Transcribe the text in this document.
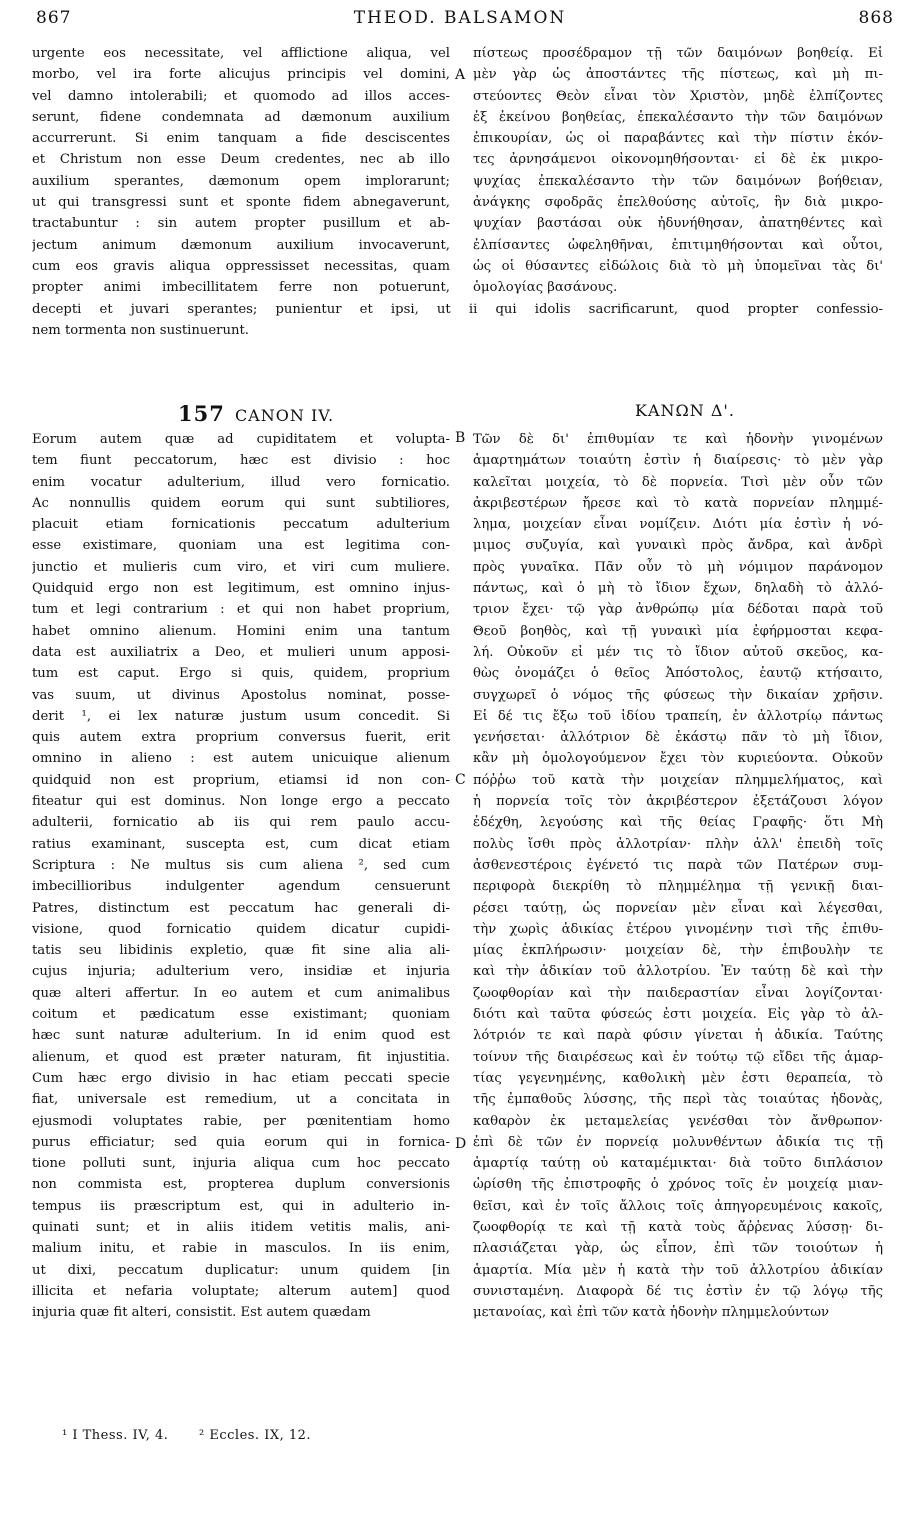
867	THEOD. BALSAMON	868
urgente eos necessitate, vel afflictione aliqua, vel
morbo, vel ira forte alicujus principis vel domini,
vel damno intolerabili; et quomodo ad illos acces-
serunt, fidene condemnata ad dæmonum auxilium
accurrerunt. Si enim tanquam a fide desciscentes
et Christum non esse Deum credentes, nec ab illo
auxilium sperantes, dæmonum opem implorarunt;
ut qui transgressi sunt et sponte fidem abnegaverunt,
tractabuntur : sin autem propter pusillum et ab-
jectum animum dæmonum auxilium invocaverunt,
cum eos gravis aliqua oppressisset necessitas, quam
propter animi imbecillitatem ferre non potuerunt,
decepti et juvari sperantes; punientur et ipsi, ut ii qui idolis sacrificarunt, quod propter confessio-
nem tormenta non sustinuerunt.
πίστεως προσέδραμον τῇ τῶν δαιμόνων βοηθείᾳ. Εἰ
μὲν γὰρ ὡς ἀποστάντες τῆς πίστεως, καὶ μὴ πι-
στεύοντες Θεὸν εἶναι τὸν Χριστὸν, μηδὲ ἐλπίζοντες
ἐξ ἐκείνου βοηθείας, ἐπεκαλέσαντο τὴν τῶν δαιμόνων
ἐπικουρίαν, ὡς οἱ παραβάντες καὶ τὴν πίστιν ἑκόν-
τες ἀρνησάμενοι οἰκονομηθήσονται· εἰ δὲ ἐκ μικρο-
ψυχίας ἐπεκαλέσαντο τὴν τῶν δαιμόνων βοήθειαν,
ἀνάγκης σφοδρᾶς ἐπελθούσης αὐτοῖς, ἣν διὰ μικρο-
ψυχίαν βαστάσαι οὐκ ἠδυνήθησαν, ἀπατηθέντες καὶ
ἐλπίσαντες ὠφεληθῆναι, ἐπιτιμηθήσονται καὶ οὗτοι,
ὡς οἱ θύσαντες εἰδώλοις διὰ τὸ μὴ ὑπομεῖναι τὰς δι'
ὁμολογίας βασάνους.
A
157 CANON IV.	ΚΑΝΩΝ Δ'.
B
C
D
Eorum autem quæ ad cupiditatem et volupta-
tem fiunt peccatorum, hæc est divisio : hoc
enim vocatur adulterium, illud vero fornicatio.
Ac nonnullis quidem eorum qui sunt subtiliores,
placuit etiam fornicationis peccatum adulterium
esse existimare, quoniam una est legitima con-
junctio et mulieris cum viro, et viri cum muliere.
Quidquid ergo non est legitimum, est omnino injus-
tum et legi contrarium : et qui non habet proprium,
habet omnino alienum. Homini enim una tantum
data est auxiliatrix a Deo, et mulieri unum apposi-
tum est caput. Ergo si quis, quidem, proprium
vas suum, ut divinus Apostolus nominat, posse-
derit ¹, ei lex naturæ justum usum concedit. Si
quis autem extra proprium conversus fuerit, erit
omnino in alieno : est autem unicuique alienum
quidquid non est proprium, etiamsi id non con-
fiteatur qui est dominus. Non longe ergo a peccato
adulterii, fornicatio ab iis qui rem paulo accu-
ratius examinant, suscepta est, cum dicat etiam
Scriptura : Ne multus sis cum aliena ², sed cum
imbecillioribus indulgenter agendum censuerunt
Patres, distinctum est peccatum hac generali di-
visione, quod fornicatio quidem dicatur cupidi-
tatis seu libidinis expletio, quæ fit sine alia ali-
cujus injuria; adulterium vero, insidiæ et injuria
quæ alteri affertur. In eo autem et cum animalibus
coitum et pædicatum esse existimant; quoniam
hæc sunt naturæ adulterium. In id enim quod est
alienum, et quod est præter naturam, fit injustitia.
Cum hæc ergo divisio in hac etiam peccati specie
fiat, universale est remedium, ut a concitata in
ejusmodi voluptates rabie, per pœnitentiam homo
purus efficiatur; sed quia eorum qui in fornica-
tione polluti sunt, injuria aliqua cum hoc peccato
non commista est, propterea duplum conversionis
tempus iis præscriptum est, qui in adulterio in-
quinati sunt; et in aliis itidem vetitis malis, ani-
malium initu, et rabie in masculos. In iis enim,
ut dixi, peccatum duplicatur: unum quidem [in
illicita et nefaria voluptate; alterum autem] quod
injuria quæ fit alteri, consistit. Est autem quædam
Τῶν δὲ δι' ἐπιθυμίαν τε καὶ ἡδονὴν γινομένων
ἁμαρτημάτων τοιαύτη ἐστὶν ἡ διαίρεσις· τὸ μὲν γὰρ
καλεῖται μοιχεία, τὸ δὲ πορνεία. Τισὶ μὲν οὖν τῶν
ἀκριβεστέρων ἤρεσε καὶ τὸ κατὰ πορνείαν πλημμέ-
λημα, μοιχείαν εἶναι νομίζειν. Διότι μία ἐστὶν ἡ νό-
μιμος συζυγία, καὶ γυναικὶ πρὸς ἄνδρα, καὶ ἀνδρὶ
πρὸς γυναῖκα. Πᾶν οὖν τὸ μὴ νόμιμον παράνομον
πάντως, καὶ ὁ μὴ τὸ ἴδιον ἔχων, δηλαδὴ τὸ ἀλλό-
τριον ἔχει· τῷ γὰρ ἀνθρώπῳ μία δέδοται παρὰ τοῦ
Θεοῦ βοηθὸς, καὶ τῇ γυναικὶ μία ἐφήρμοσται κεφα-
λή. Οὐκοῦν εἰ μέν τις τὸ ἴδιον αὐτοῦ σκεῦος, κα-
θὼς ὀνομάζει ὁ θεῖος Ἀπόστολος, ἑαυτῷ κτήσαιτο,
συγχωρεῖ ὁ νόμος τῆς φύσεως τὴν δικαίαν χρῆσιν.
Εἰ δέ τις ἔξω τοῦ ἰδίου τραπείη, ἐν ἀλλοτρίῳ πάντως
γενήσεται· ἀλλότριον δὲ ἑκάστῳ πᾶν τὸ μὴ ἴδιον,
κἂν μὴ ὁμολογούμενον ἔχει τὸν κυριεύοντα. Οὐκοῦν
πόῤῥω τοῦ κατὰ τὴν μοιχείαν πλημμελήματος, καὶ
ἡ πορνεία τοῖς τὸν ἀκριβέστερον ἐξετάζουσι λόγον
ἐδέχθη, λεγούσης καὶ τῆς θείας Γραφῆς· ὅτι Μὴ
πολὺς ἴσθι πρὸς ἀλλοτρίαν· πλὴν ἀλλ' ἐπειδὴ τοῖς
ἀσθενεστέροις ἐγένετό τις παρὰ τῶν Πατέρων συμ-
περιφορὰ διεκρίθη τὸ πλημμέλημα τῇ γενικῇ διαι-
ρέσει ταύτῃ, ὡς πορνείαν μὲν εἶναι καὶ λέγεσθαι,
τὴν χωρὶς ἀδικίας ἑτέρου γινομένην τισὶ τῆς ἐπιθυ-
μίας ἐκπλήρωσιν· μοιχείαν δὲ, τὴν ἐπιβουλὴν τε
καὶ τὴν ἀδικίαν τοῦ ἀλλοτρίου. Ἐν ταύτῃ δὲ καὶ τὴν
ζωοφθορίαν καὶ τὴν παιδεραστίαν εἶναι λογίζονται·
διότι καὶ ταῦτα φύσεώς ἐστι μοιχεία. Εἰς γὰρ τὸ ἀλ-
λότριόν τε καὶ παρὰ φύσιν γίνεται ἡ ἀδικία. Ταύτης
τοίνυν τῆς διαιρέσεως καὶ ἐν τούτῳ τῷ εἴδει τῆς ἁμαρ-
τίας γεγενημένης, καθολικὴ μὲν ἐστι θεραπεία, τὸ
τῆς ἐμπαθοῦς λύσσης, τῆς περὶ τὰς τοιαύτας ἡδονὰς,
καθαρὸν ἐκ μεταμελείας γενέσθαι τὸν ἄνθρωπον·
ἐπὶ δὲ τῶν ἐν πορνείᾳ μολυνθέντων ἀδικία τις τῇ
ἁμαρτίᾳ ταύτῃ οὐ καταμέμικται· διὰ τοῦτο διπλάσιον
ὡρίσθη τῆς ἐπιστροφῆς ὁ χρόνος τοῖς ἐν μοιχείᾳ μιαν-
θεῖσι, καὶ ἐν τοῖς ἄλλοις τοῖς ἀπηγορευμένοις κακοῖς,
ζωοφθορίᾳ τε καὶ τῇ κατὰ τοὺς ἄῤῥενας λύσσῃ· δι-
πλασιάζεται γὰρ, ὡς εἶπον, ἐπὶ τῶν τοιούτων ἡ
ἁμαρτία. Μία μὲν ἡ κατὰ τὴν τοῦ ἀλλοτρίου ἀδικίαν
συνισταμένη. Διαφορὰ δέ τις ἐστὶν ἐν τῷ λόγῳ τῆς
μετανοίας, καὶ ἐπὶ τῶν κατὰ ἡδονὴν πλημμελούντων
¹ I Thess. IV, 4. ² Eccles. IX, 12.
